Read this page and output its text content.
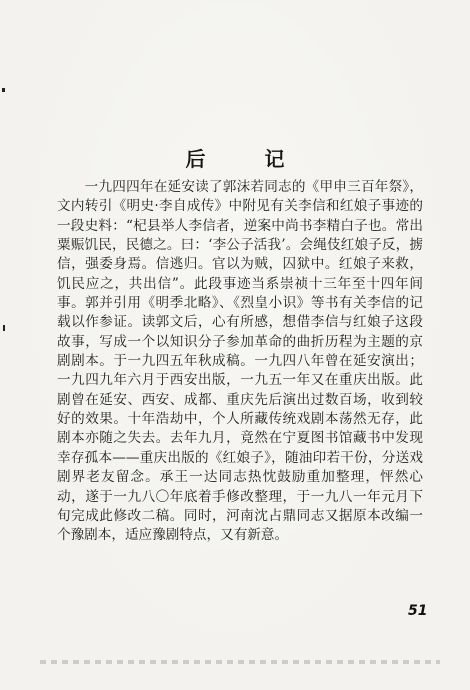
后 记
　　一九四四年在延安读了郭沫若同志的《甲申三百年祭》，文内转引《明史·李自成传》中附见有关李信和红娘子事迹的一段史料：“杞县举人李信者，逆案中尚书李精白子也。常出粟赈饥民，民德之。曰：‘李公子活我’。会绳伎红娘子反，掳信，强委身焉。信逃归。官以为贼，囚狱中。红娘子来救，饥民应之，共出信”。此段事迹当系崇祯十三年至十四年间事。郭并引用《明季北略》、《烈皇小识》等书有关李信的记载以作参证。读郭文后，心有所感，想借李信与红娘子这段故事，写成一个以知识分子参加革命的曲折历程为主题的京剧剧本。于一九四五年秋成稿。一九四八年曾在延安演出；一九四九年六月于西安出版，一九五一年又在重庆出版。此剧曾在延安、西安、成都、重庆先后演出过数百场，收到较好的效果。十年浩劫中，个人所藏传统戏剧本荡然无存，此剧本亦随之失去。去年九月，竟然在宁夏图书馆藏书中发现幸存孤本——重庆出版的《红娘子》，随油印若干份，分送戏剧界老友留念。承王一达同志热忱鼓励重加整理，怦然心动，遂于一九八〇年底着手修改整理，于一九八一年元月下旬完成此修改二稿。同时，河南沈占鼎同志又据原本改编一个豫剧本，适应豫剧特点，又有新意。
51
